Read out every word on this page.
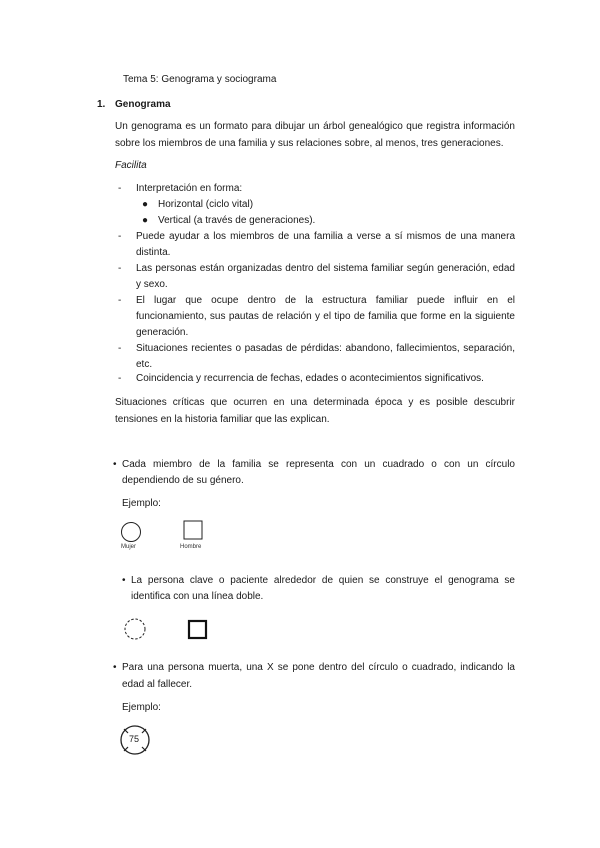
Tema 5: Genograma y sociograma
1. Genograma
Un genograma es un formato para dibujar un árbol genealógico que registra información
sobre los miembros de una familia y sus relaciones sobre, al menos, tres generaciones.
Facilita
- Interpretación en forma:
● Horizontal (ciclo vital)
● Vertical (a través de generaciones).
- Puede ayudar a los miembros de una familia a verse a sí mismos de una manera
distinta.
- Las personas están organizadas dentro del sistema familiar según generación, edad
y sexo.
- El lugar que ocupe dentro de la estructura familiar puede influir en el
funcionamiento, sus pautas de relación y el tipo de familia que forme en la siguiente
generación.
- Situaciones recientes o pasadas de pérdidas: abandono, fallecimientos, separación,
etc.
- Coincidencia y recurrencia de fechas, edades o acontecimientos significativos.
Situaciones críticas que ocurren en una determinada época y es posible descubrir
tensiones en la historia familiar que las explican.
• Cada miembro de la familia se representa con un cuadrado o con un círculo
dependiendo de su género.
Ejemplo:
Mujer	Hombre
• La persona clave o paciente alrededor de quien se construye el genograma se
identifica con una línea doble.
• Para una persona muerta, una X se pone dentro del círculo o cuadrado, indicando la
edad al fallecer.
Ejemplo:
75
